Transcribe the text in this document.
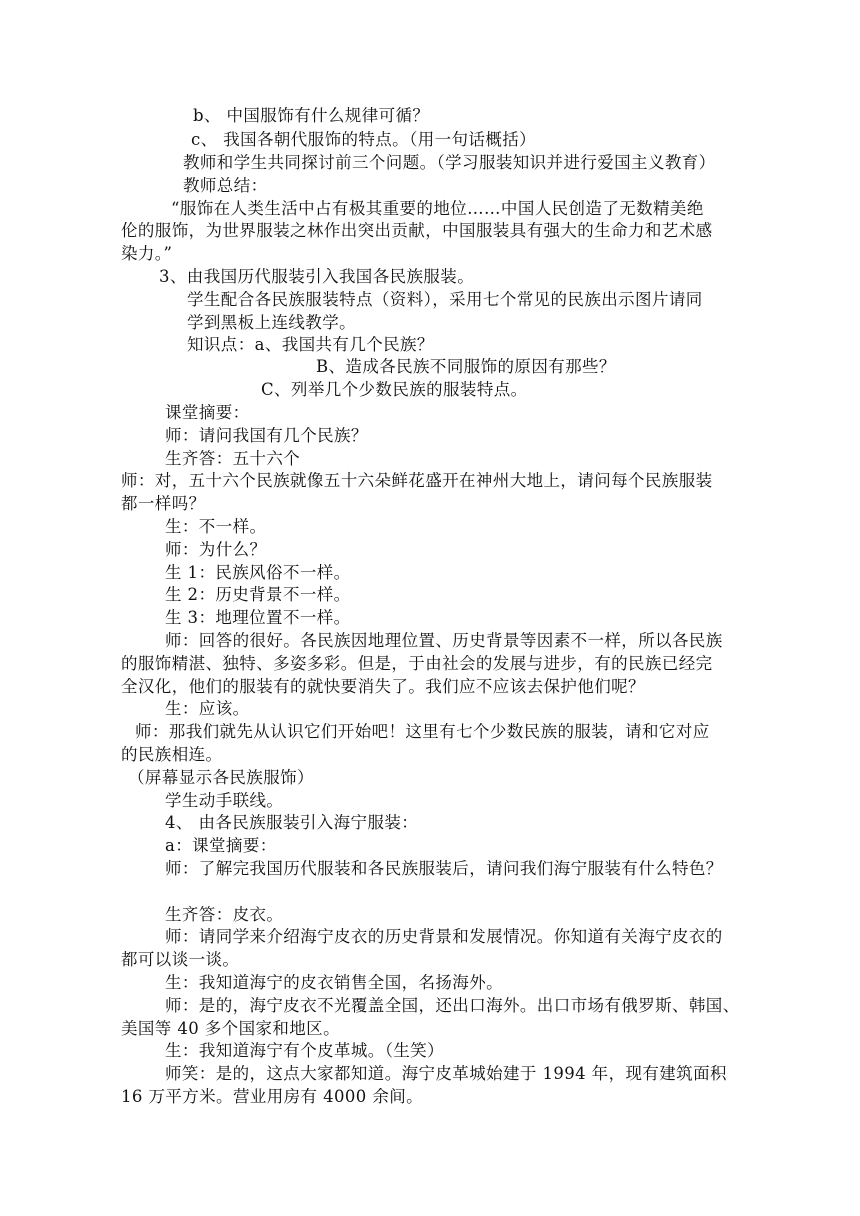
b、 中国服饰有什么规律可循？
c、 我国各朝代服饰的特点。（用一句话概括）
教师和学生共同探讨前三个问题。（学习服装知识并进行爱国主义教育）
教师总结：
“服饰在人类生活中占有极其重要的地位……中国人民创造了无数精美绝
伦的服饰，为世界服装之林作出突出贡献，中国服装具有强大的生命力和艺术感
染力。”
3、由我国历代服装引入我国各民族服装。
学生配合各民族服装特点（资料），采用七个常见的民族出示图片请同
学到黑板上连线教学。
知识点：a、我国共有几个民族？
B、造成各民族不同服饰的原因有那些？
C、列举几个少数民族的服装特点。
课堂摘要：
师：请问我国有几个民族？
生齐答：五十六个
师：对，五十六个民族就像五十六朵鲜花盛开在神州大地上，请问每个民族服装
都一样吗？
生：不一样。
师：为什么？
生 1：民族风俗不一样。
生 2：历史背景不一样。
生 3：地理位置不一样。
师：回答的很好。各民族因地理位置、历史背景等因素不一样，所以各民族
的服饰精湛、独特、多姿多彩。但是，于由社会的发展与进步，有的民族已经完
全汉化，他们的服装有的就快要消失了。我们应不应该去保护他们呢？
生：应该。
师：那我们就先从认识它们开始吧！这里有七个少数民族的服装，请和它对应
的民族相连。
（屏幕显示各民族服饰）
学生动手联线。
4、 由各民族服装引入海宁服装：
a：课堂摘要：
师：了解完我国历代服装和各民族服装后，请问我们海宁服装有什么特色？
生齐答：皮衣。
师：请同学来介绍海宁皮衣的历史背景和发展情况。你知道有关海宁皮衣的
都可以谈一谈。
生：我知道海宁的皮衣销售全国，名扬海外。
师：是的，海宁皮衣不光覆盖全国，还出口海外。出口市场有俄罗斯、韩国、
美国等 40 多个国家和地区。
生：我知道海宁有个皮革城。（生笑）
师笑：是的，这点大家都知道。海宁皮革城始建于 1994 年，现有建筑面积
16 万平方米。营业用房有 4000 余间。
